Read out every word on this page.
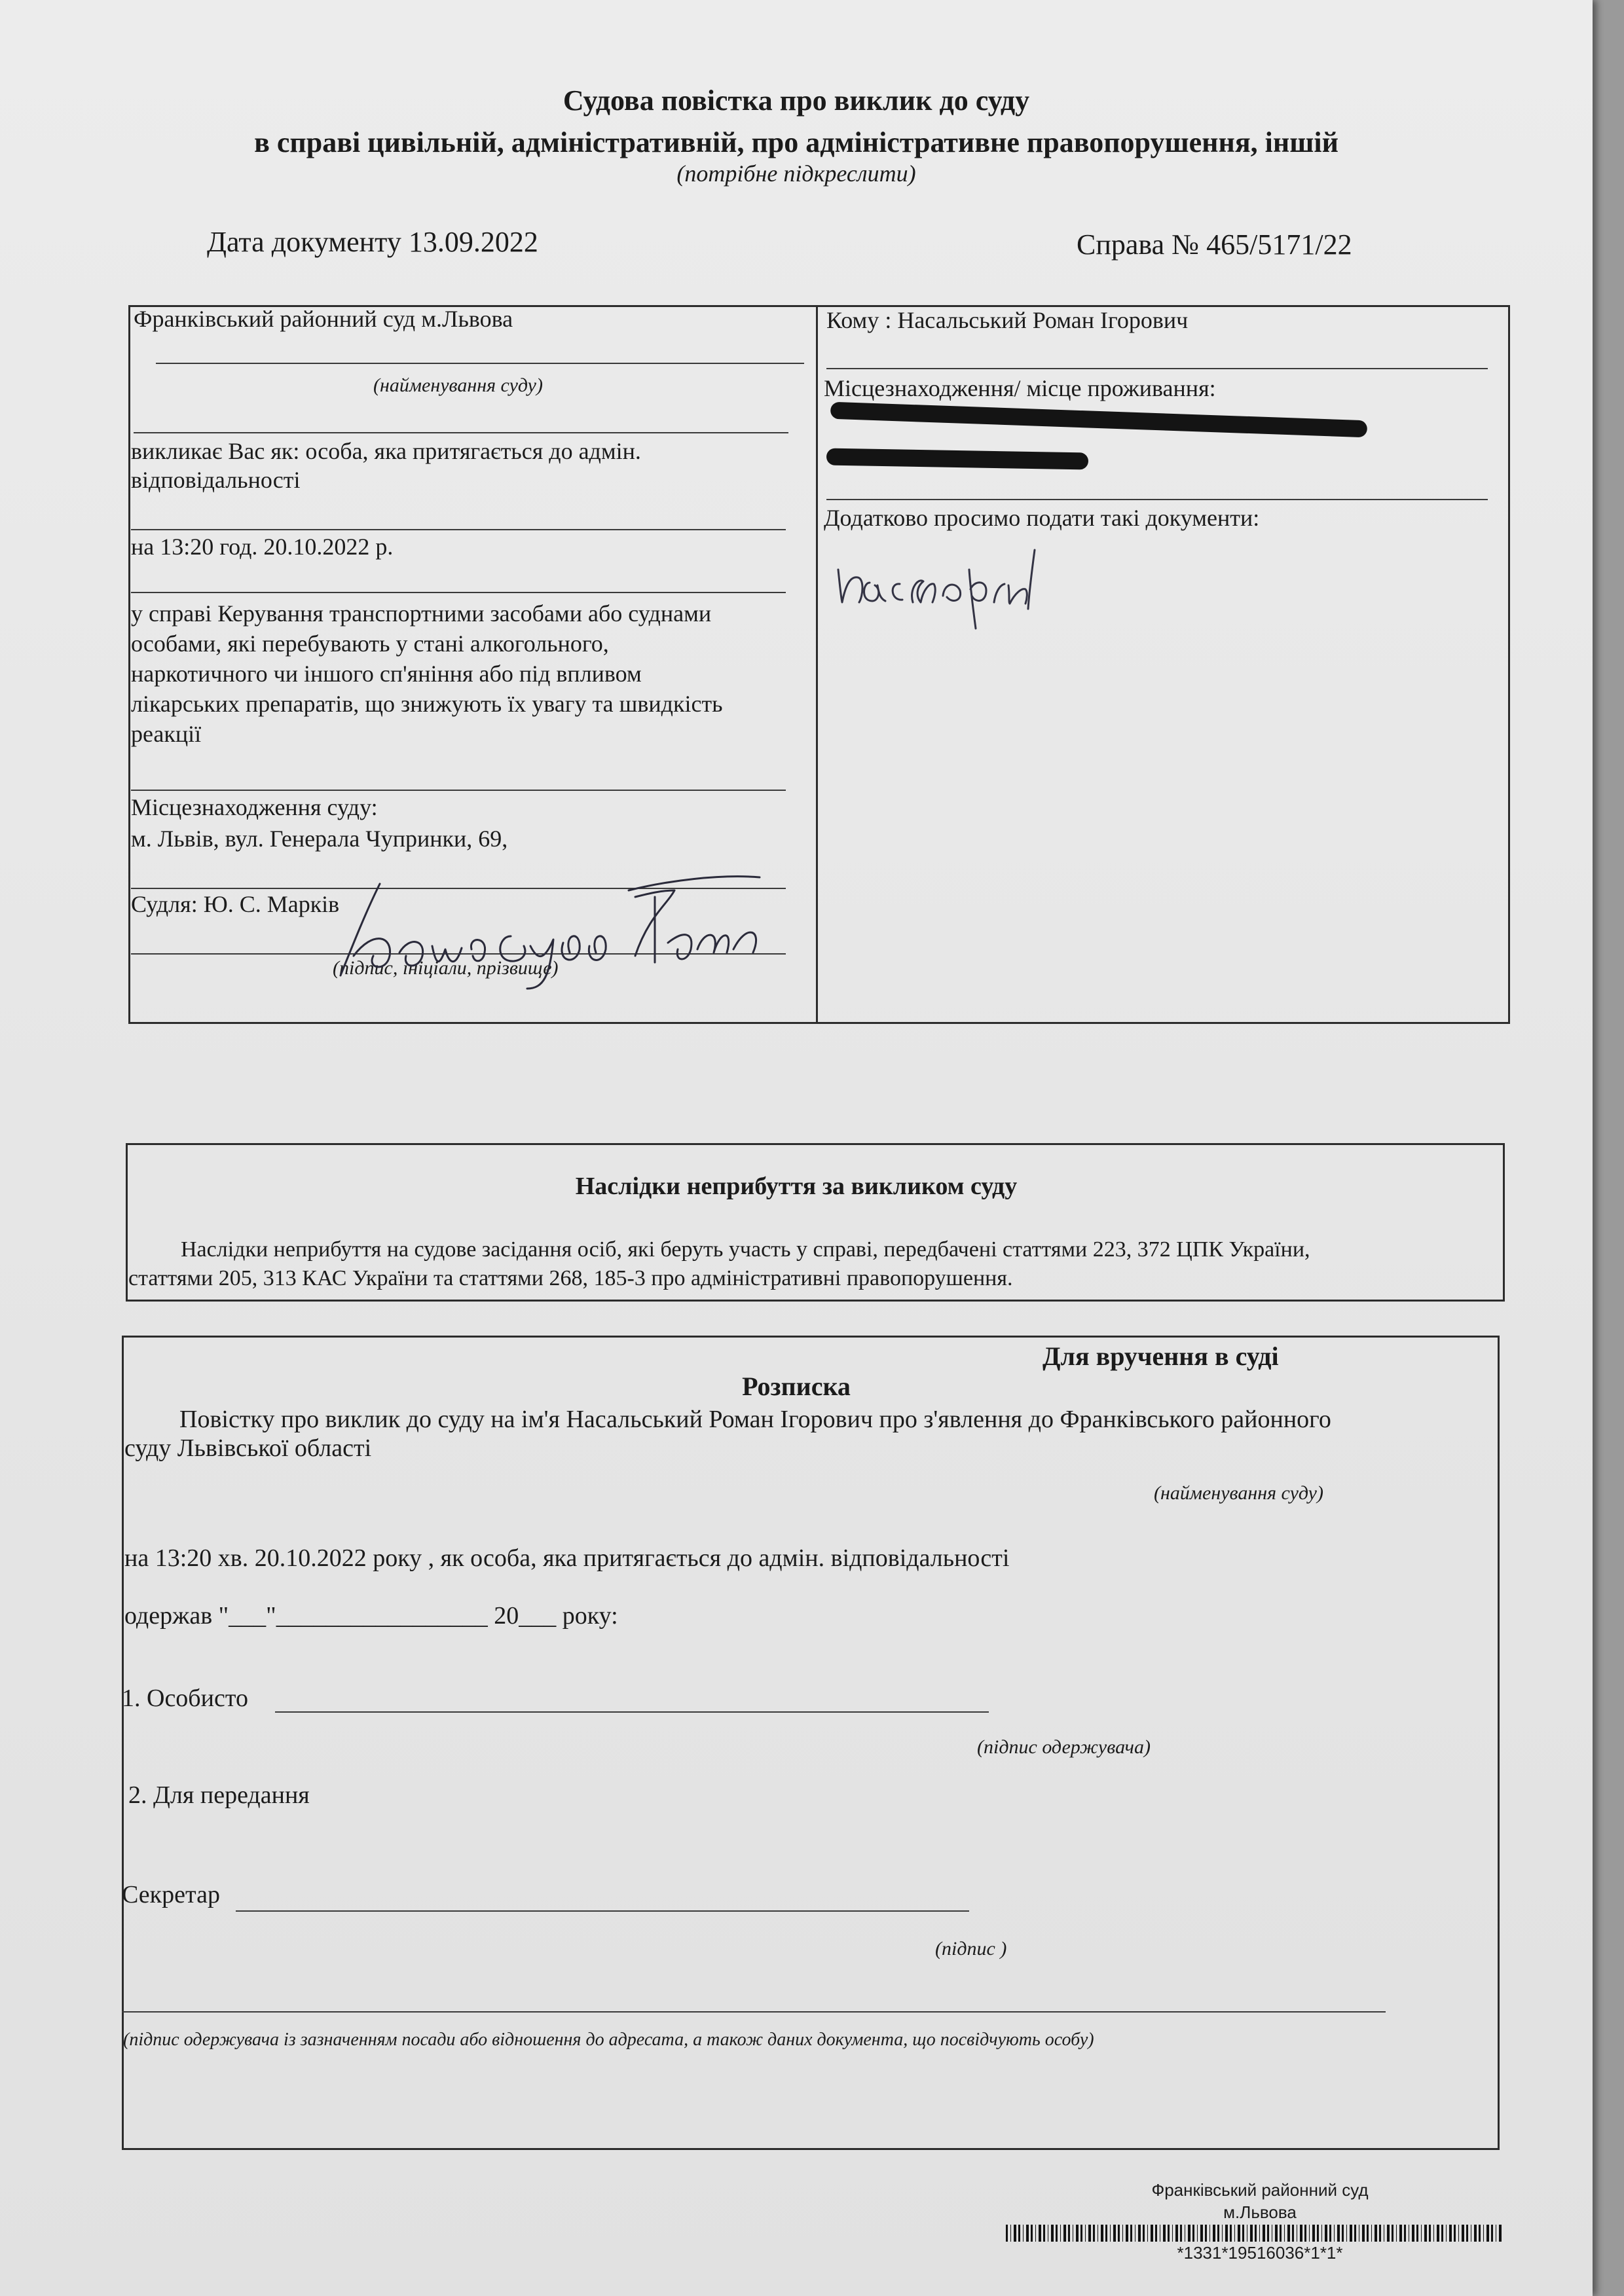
Судова повістка про виклик до суду
в справі цивільній, адміністративній, про адміністративне правопорушення, іншій
(потрібне підкреслити)
Дата документу 13.09.2022	Справа № 465/5171/22
Франківський районний суд м.Львова
(найменування суду)
викликає Вас як: особа, яка притягається до адмін.
відповідальності
на 13:20 год. 20.10.2022 р.
у справі Керування транспортними засобами або суднами
особами, які перебувають у стані алкогольного,
наркотичного чи іншого сп'яніння або під впливом
лікарських препаратів, що знижують їх увагу та швидкість
реакції
Місцезнаходження суду:
м. Львів, вул. Генерала Чупринки, 69,
Судля: Ю. С. Марків
(підпис, ініціали, прізвище)
Кому : Насальський Роман Ігорович
Місцезнаходження/ місце проживання:
Додатково просимо подати такі документи:
Наслідки неприбуття за викликом суду
Наслідки неприбуття на судове засідання осіб, які беруть участь у справі, передбачені статтями 223, 372 ЦПК України,
статтями 205, 313 КАС України та статтями 268, 185-3 про адміністративні правопорушення.
Для вручення в суді
Розписка
Повістку про виклик до суду на ім'я Насальський Роман Ігорович про з'явлення до Франківського районного
суду Львівської області
(найменування суду)
на 13:20 хв. 20.10.2022 року , як особа, яка притягається до адмін. відповідальності
одержав "___"_________________ 20___ року:
1. Особисто
(підпис одержувача)
2. Для передання
Секретар
(підпис )
(підпис одержувача із зазначенням посади або відношення до адресата, а також даних документа, що посвідчують особу)
Франківський районний суд
м.Львова
*1331*19516036*1*1*
